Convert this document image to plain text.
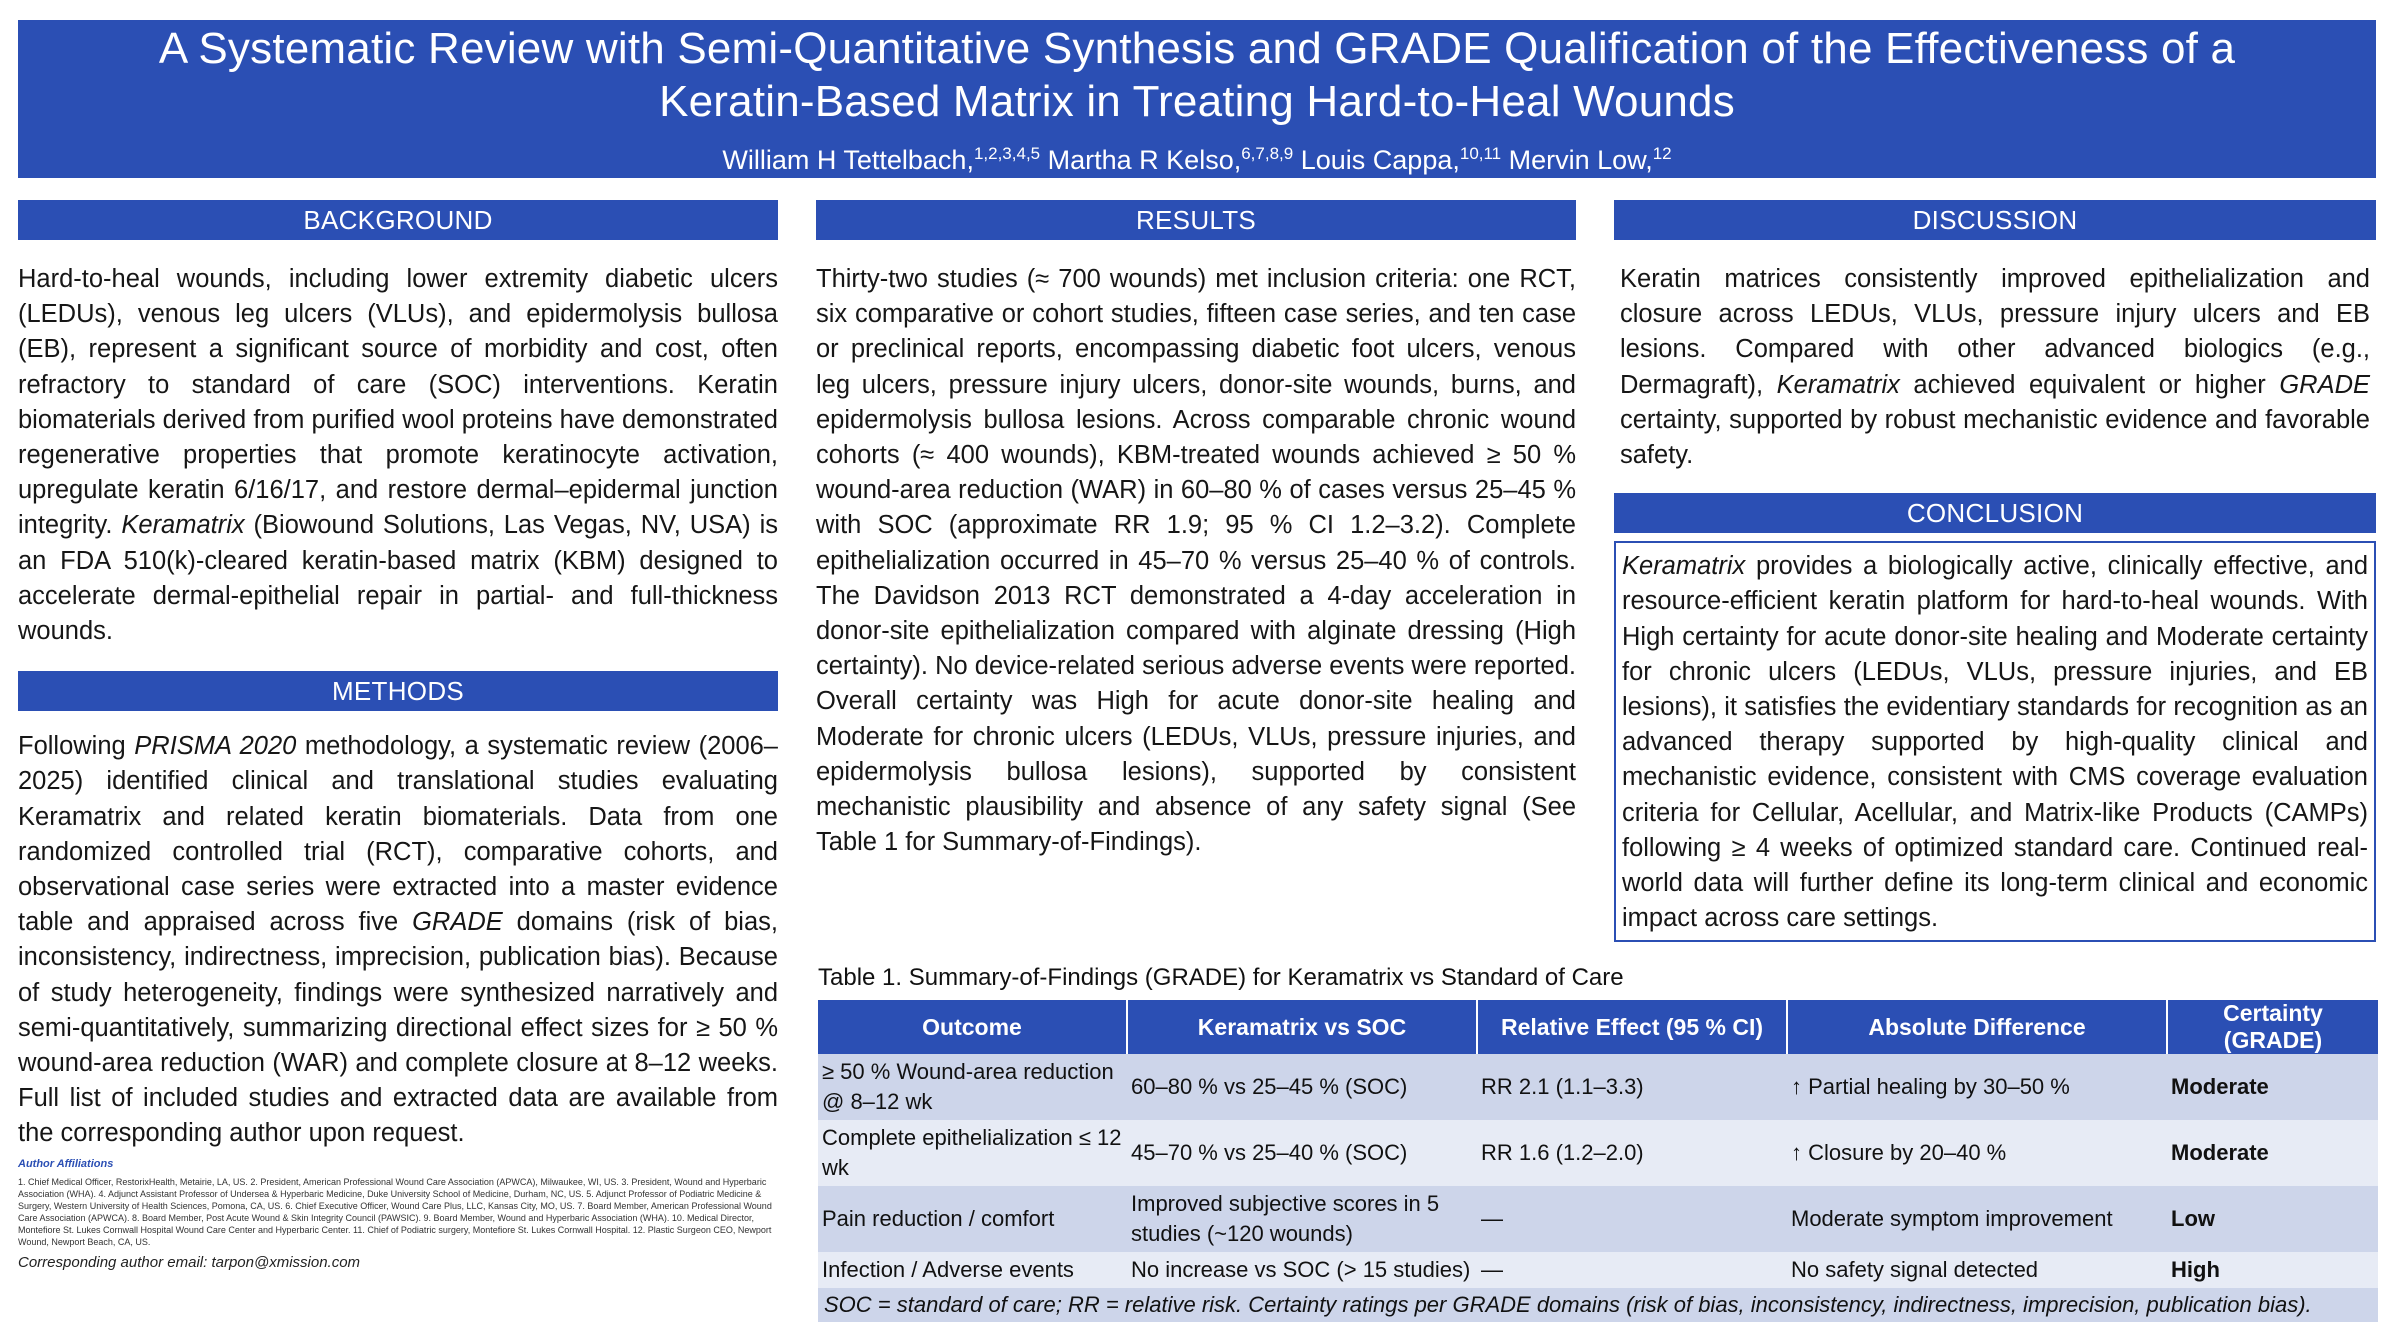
A Systematic Review with Semi-Quantitative Synthesis and GRADE Qualification of the Effectiveness of a
Keratin-Based Matrix in Treating Hard-to-Heal Wounds
William H Tettelbach,$^{1,2,3,4,5}$ Martha R Kelso,$^{6,7,8,9}$ Louis Cappa,$^{10,11}$ Mervin Low,$^{12}$
BACKGROUND
Hard-to-heal wounds, including lower extremity diabetic ulcers (LEDUs), venous leg ulcers (VLUs), and epidermolysis bullosa (EB), represent a significant source of morbidity and cost, often refractory to standard of care (SOC) interventions. Keratin biomaterials derived from purified wool proteins have demonstrated regenerative properties that promote keratinocyte activation, upregulate keratin 6/16/17, and restore dermal–epidermal junction integrity. Keramatrix (Biowound Solutions, Las Vegas, NV, USA) is an FDA 510(k)-cleared keratin-based matrix (KBM) designed to accelerate dermal-epithelial repair in partial- and full-thickness wounds.
METHODS
Following PRISMA 2020 methodology, a systematic review (2006–2025) identified clinical and translational studies evaluating Keramatrix and related keratin biomaterials. Data from one randomized controlled trial (RCT), comparative cohorts, and observational case series were extracted into a master evidence table and appraised across five GRADE domains (risk of bias, inconsistency, indirectness, imprecision, publication bias). Because of study heterogeneity, findings were synthesized narratively and semi-quantitatively, summarizing directional effect sizes for ≥ 50 % wound-area reduction (WAR) and complete closure at 8–12 weeks. Full list of included studies and extracted data are available from the corresponding author upon request.
Author Affiliations
1. Chief Medical Officer, RestorixHealth, Metairie, LA, US. 2. President, American Professional Wound Care Association (APWCA), Milwaukee, WI, US. 3. President, Wound and Hyperbaric Association (WHA). 4. Adjunct Assistant Professor of Undersea & Hyperbaric Medicine, Duke University School of Medicine, Durham, NC, US. 5. Adjunct Professor of Podiatric Medicine & Surgery, Western University of Health Sciences, Pomona, CA, US. 6. Chief Executive Officer, Wound Care Plus, LLC, Kansas City, MO, US. 7. Board Member, American Professional Wound Care Association (APWCA). 8. Board Member, Post Acute Wound & Skin Integrity Council (PAWSIC). 9. Board Member, Wound and Hyperbaric Association (WHA). 10. Medical Director, Montefiore St. Lukes Cornwall Hospital Wound Care Center and Hyperbaric Center. 11. Chief of Podiatric surgery, Montefiore St. Lukes Cornwall Hospital. 12. Plastic Surgeon CEO, Newport Wound, Newport Beach, CA, US.
Corresponding author email: tarpon@xmission.com
RESULTS
Thirty-two studies (≈ 700 wounds) met inclusion criteria: one RCT, six comparative or cohort studies, fifteen case series, and ten case or preclinical reports, encompassing diabetic foot ulcers, venous leg ulcers, pressure injury ulcers, donor-site wounds, burns, and epidermolysis bullosa lesions. Across comparable chronic wound cohorts (≈ 400 wounds), KBM-treated wounds achieved ≥ 50 % wound-area reduction (WAR) in 60–80 % of cases versus 25–45 % with SOC (approximate RR 1.9; 95 % CI 1.2–3.2). Complete epithelialization occurred in 45–70 % versus 25–40 % of controls. The Davidson 2013 RCT demonstrated a 4-day acceleration in donor-site epithelialization compared with alginate dressing (High certainty). No device-related serious adverse events were reported. Overall certainty was High for acute donor-site healing and Moderate for chronic ulcers (LEDUs, VLUs, pressure injuries, and epidermolysis bullosa lesions), supported by consistent mechanistic plausibility and absence of any safety signal (See Table 1 for Summary-of-Findings).
DISCUSSION
Keratin matrices consistently improved epithelialization and closure across LEDUs, VLUs, pressure injury ulcers and EB lesions. Compared with other advanced biologics (e.g., Dermagraft), Keramatrix achieved equivalent or higher GRADE certainty, supported by robust mechanistic evidence and favorable safety.
CONCLUSION
Keramatrix provides a biologically active, clinically effective, and resource-efficient keratin platform for hard-to-heal wounds. With High certainty for acute donor-site healing and Moderate certainty for chronic ulcers (LEDUs, VLUs, pressure injuries, and EB lesions), it satisfies the evidentiary standards for recognition as an advanced therapy supported by high-quality clinical and mechanistic evidence, consistent with CMS coverage evaluation criteria for Cellular, Acellular, and Matrix-like Products (CAMPs) following ≥ 4 weeks of optimized standard care. Continued real-world data will further define its long-term clinical and economic impact across care settings.
Table 1. Summary-of-Findings (GRADE) for Keramatrix vs Standard of Care
Outcome	Keramatrix vs SOC	Relative Effect (95 % CI)	Absolute Difference	Certainty (GRADE)
≥ 50 % Wound-area reduction @ 8–12 wk	60–80 % vs 25–45 % (SOC)	RR 2.1 (1.1–3.3)	↑ Partial healing by 30–50 %	Moderate
Complete epithelialization ≤ 12 wk	45–70 % vs 25–40 % (SOC)	RR 1.6 (1.2–2.0)	↑ Closure by 20–40 %	Moderate
Pain reduction / comfort	Improved subjective scores in 5 studies (~120 wounds)	—	Moderate symptom improvement	Low
Infection / Adverse events	No increase vs SOC (> 15 studies)	—	No safety signal detected	High
SOC = standard of care; RR = relative risk. Certainty ratings per GRADE domains (risk of bias, inconsistency, indirectness, imprecision, publication bias).				
